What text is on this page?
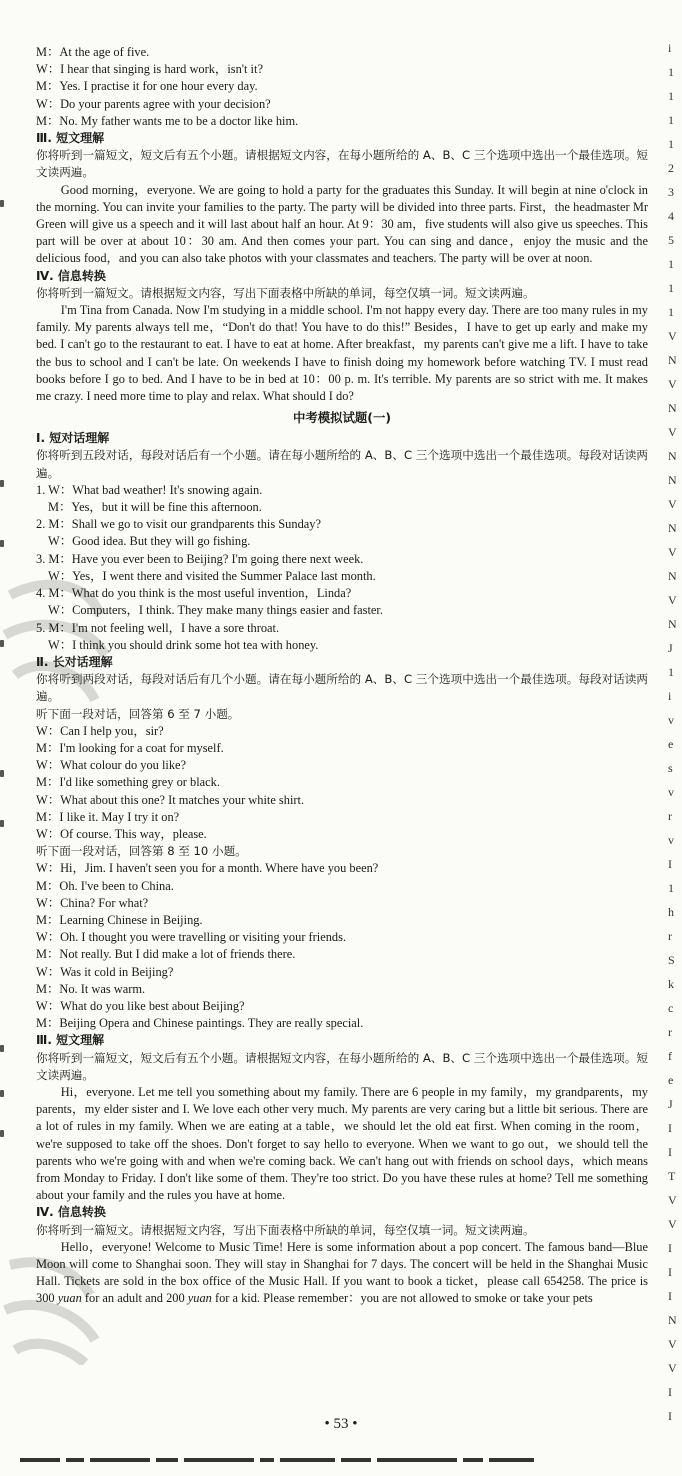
i
1
1
1
1
2
3
4
5
1
1
1
V
N
V
N
V
N
N
V
N
V
N
V
N
J
1
i
v
e
s
v
r
v
I
1
h
r
S
k
c
r
f
e
J
I
I
T
V
V
I
I
I
N
V
V
I
I
M：At the age of five.
W：I hear that singing is hard work，isn't it?
M：Yes. I practise it for one hour every day.
W：Do your parents agree with your decision?
M：No. My father wants me to be a doctor like him.
Ⅲ. 短文理解

你将听到一篇短文，短文后有五个小题。请根据短文内容，在每小题所给的 A、B、C 三个选项中选出一个最佳选项。短文读两遍。

Good morning，everyone. We are going to hold a party for the graduates this Sunday. It will begin at nine o'clock in the morning. You can invite your families to the party. The party will be divided into three parts. First，the headmaster Mr Green will give us a speech and it will last about half an hour. At 9：30 am，five students will also give us speeches. This part will be over at about 10：30 am. And then comes your part. You can sing and dance，enjoy the music and the delicious food，and you can also take photos with your classmates and teachers. The party will be over at noon.

Ⅳ. 信息转换

你将听到一篇短文。请根据短文内容，写出下面表格中所缺的单词，每空仅填一词。短文读两遍。

I'm Tina from Canada. Now I'm studying in a middle school. I'm not happy every day. There are too many rules in my family. My parents always tell me，“Don't do that! You have to do this!” Besides，I have to get up early and make my bed. I can't go to the restaurant to eat. I have to eat at home. After breakfast，my parents can't give me a lift. I have to take the bus to school and I can't be late. On weekends I have to finish doing my homework before watching TV. I must read books before I go to bed. And I have to be in bed at 10：00 p. m. It's terrible. My parents are so strict with me. It makes me crazy. I need more time to play and relax. What should I do?

中考模拟试题(一)
Ⅰ. 短对话理解

你将听到五段对话，每段对话后有一个小题。请在每小题所给的 A、B、C 三个选项中选出一个最佳选项。每段对话读两遍。

1. W：What bad weather! It's snowing again.
M：Yes，but it will be fine this afternoon.
2. M：Shall we go to visit our grandparents this Sunday?
W：Good idea. But they will go fishing.
3. M：Have you ever been to Beijing? I'm going there next week.
W：Yes，I went there and visited the Summer Palace last month.
4. M：What do you think is the most useful invention，Linda?
W：Computers，I think. They make many things easier and faster.
5. M：I'm not feeling well，I have a sore throat.
W：I think you should drink some hot tea with honey.
Ⅱ. 长对话理解

你将听到两段对话，每段对话后有几个小题。请在每小题所给的 A、B、C 三个选项中选出一个最佳选项。每段对话读两遍。

听下面一段对话，回答第 6 至 7 小题。
W：Can I help you，sir?
M：I'm looking for a coat for myself.
W：What colour do you like?
M：I'd like something grey or black.
W：What about this one? It matches your white shirt.
M：I like it. May I try it on?
W：Of course. This way，please.
听下面一段对话，回答第 8 至 10 小题。
W：Hi，Jim. I haven't seen you for a month. Where have you been?
M：Oh. I've been to China.
W：China? For what?
M：Learning Chinese in Beijing.
W：Oh. I thought you were travelling or visiting your friends.
M：Not really. But I did make a lot of friends there.
W：Was it cold in Beijing?
M：No. It was warm.
W：What do you like best about Beijing?
M：Beijing Opera and Chinese paintings. They are really special.
Ⅲ. 短文理解

你将听到一篇短文，短文后有五个小题。请根据短文内容，在每小题所给的 A、B、C 三个选项中选出一个最佳选项。短文读两遍。

Hi，everyone. Let me tell you something about my family. There are 6 people in my family，my grandparents，my parents，my elder sister and I. We love each other very much. My parents are very caring but a little bit serious. There are a lot of rules in my family. When we are eating at a table，we should let the old eat first. When coming in the room，we're supposed to take off the shoes. Don't forget to say hello to everyone. When we want to go out，we should tell the parents who we're going with and when we're coming back. We can't hang out with friends on school days，which means from Monday to Friday. I don't like some of them. They're too strict. Do you have these rules at home? Tell me something about your family and the rules you have at home.

Ⅳ. 信息转换

你将听到一篇短文。请根据短文内容，写出下面表格中所缺的单词，每空仅填一词。短文读两遍。

Hello，everyone! Welcome to Music Time! Here is some information about a pop concert. The famous band—Blue Moon will come to Shanghai soon. They will stay in Shanghai for 7 days. The concert will be held in the Shanghai Music Hall. Tickets are sold in the box office of the Music Hall. If you want to book a ticket，please call 654258. The price is 300 yuan for an adult and 200 yuan for a kid. Please remember：you are not allowed to smoke or take your pets

• 53 •
